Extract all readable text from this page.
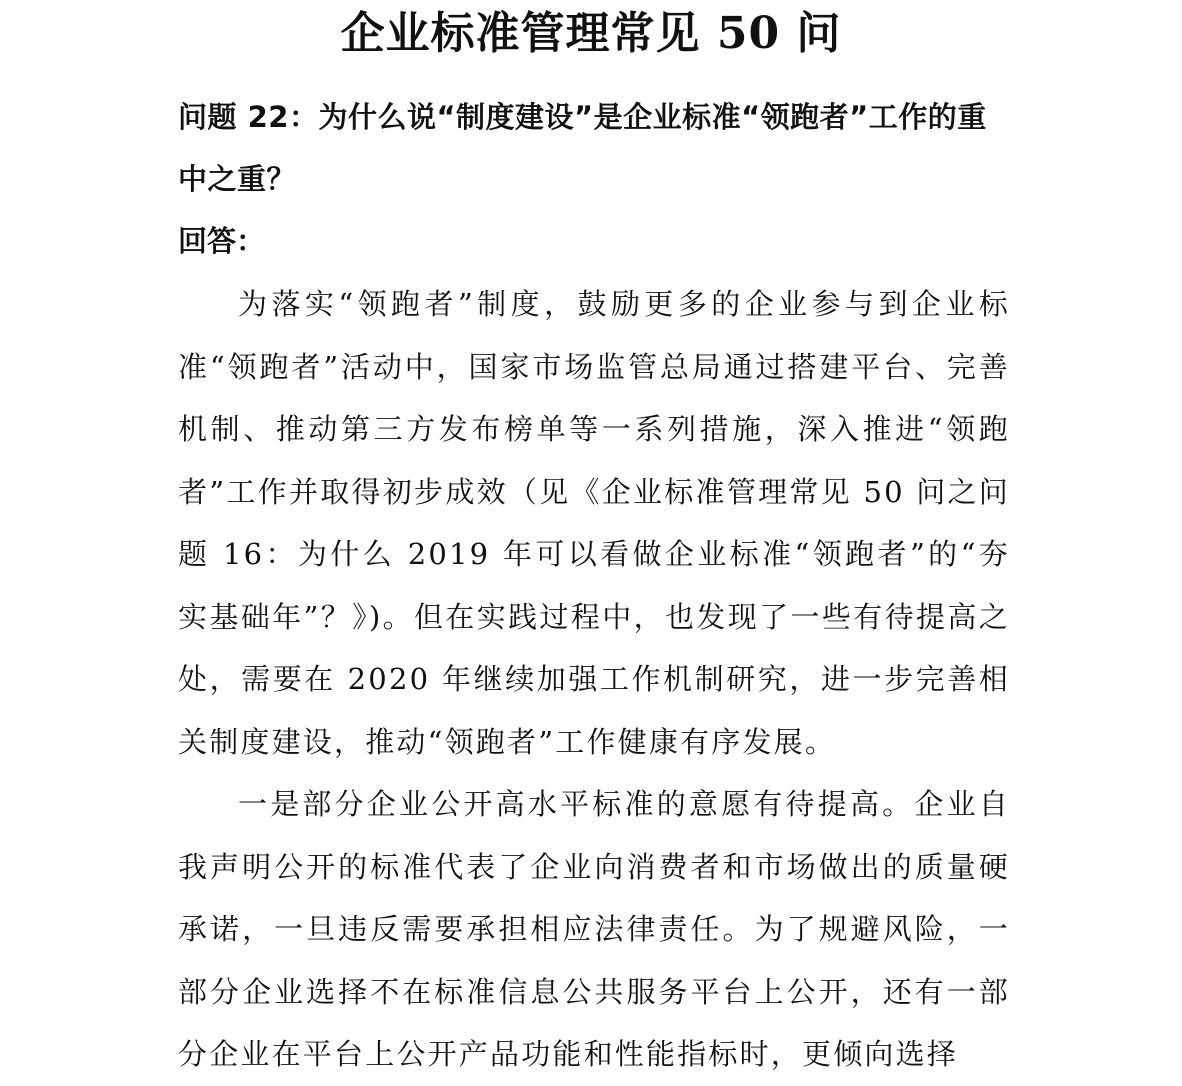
企业标准管理常见 50 问

问题 22：为什么说“制度建设”是企业标准“领跑者”工作的重中之重？

回答：

为落实“领跑者”制度，鼓励更多的企业参与到企业标准“领跑者”活动中，国家市场监管总局通过搭建平台、完善机制、推动第三方发布榜单等一系列措施，深入推进“领跑者”工作并取得初步成效（见《企业标准管理常见 50 问之问题 16：为什么 2019 年可以看做企业标准“领跑者”的“夯实基础年”？》)。但在实践过程中，也发现了一些有待提高之处，需要在 2020 年继续加强工作机制研究，进一步完善相关制度建设，推动“领跑者”工作健康有序发展。

一是部分企业公开高水平标准的意愿有待提高。企业自我声明公开的标准代表了企业向消费者和市场做出的质量硬承诺，一旦违反需要承担相应法律责任。为了规避风险，一部分企业选择不在标准信息公共服务平台上公开，还有一部分企业在平台上公开产品功能和性能指标时，更倾向选择
